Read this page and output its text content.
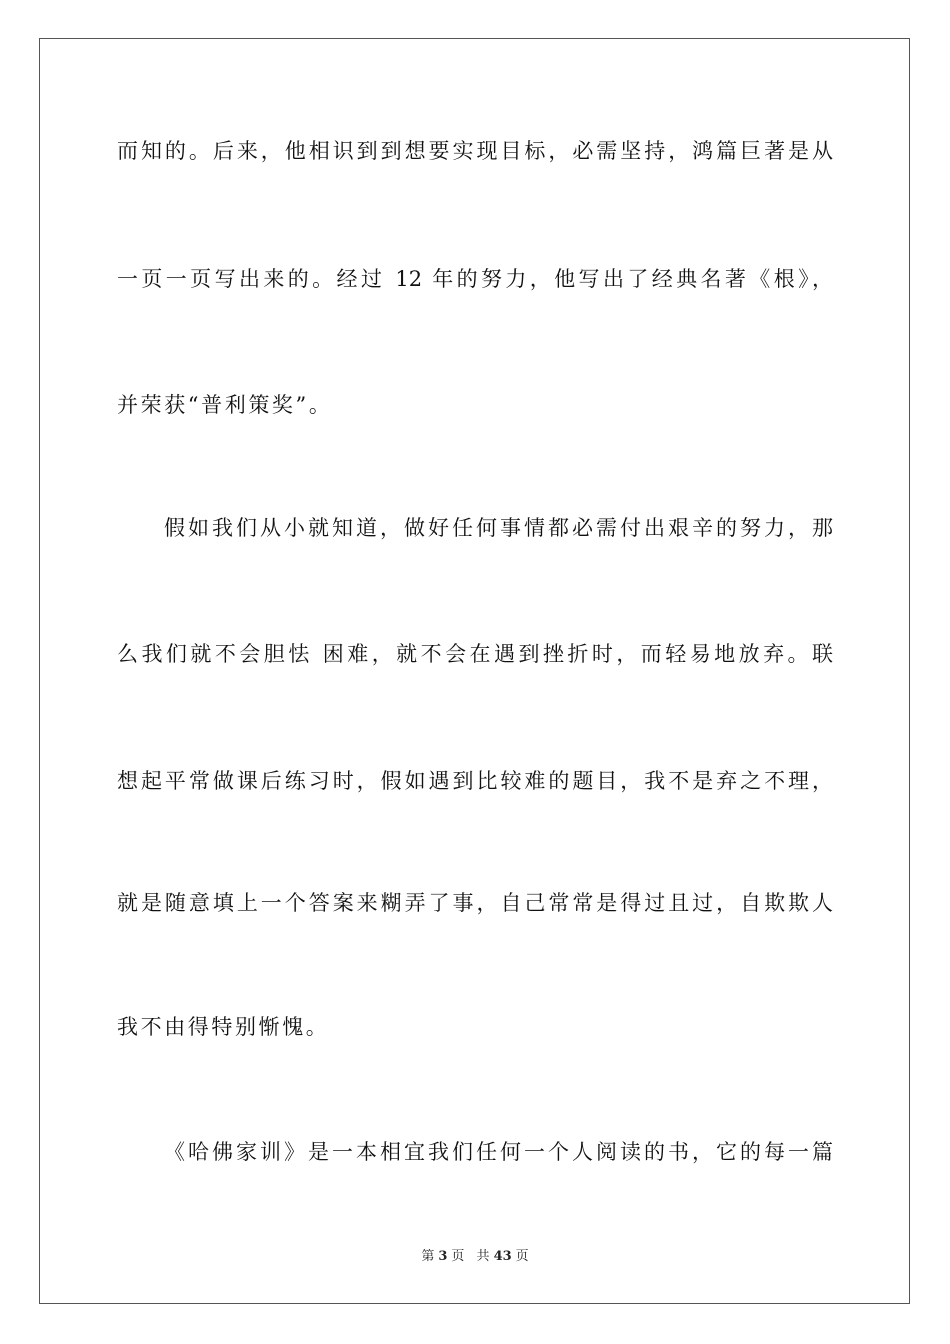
而知的。后来，他相识到到想要实现目标，必需坚持，鸿篇巨著是从
一页一页写出来的。经过 12 年的努力，他写出了经典名著《根》，
并荣获“普利策奖”。
假如我们从小就知道，做好任何事情都必需付出艰辛的努力，那
么我们就不会胆怯 困难，就不会在遇到挫折时，而轻易地放弃。联
想起平常做课后练习时，假如遇到比较难的题目，我不是弃之不理，
就是随意填上一个答案来糊弄了事，自己常常是得过且过，自欺欺人
我不由得特别惭愧。
《哈佛家训》是一本相宜我们任何一个人阅读的书，它的每一篇
第 3 页 共 43 页
